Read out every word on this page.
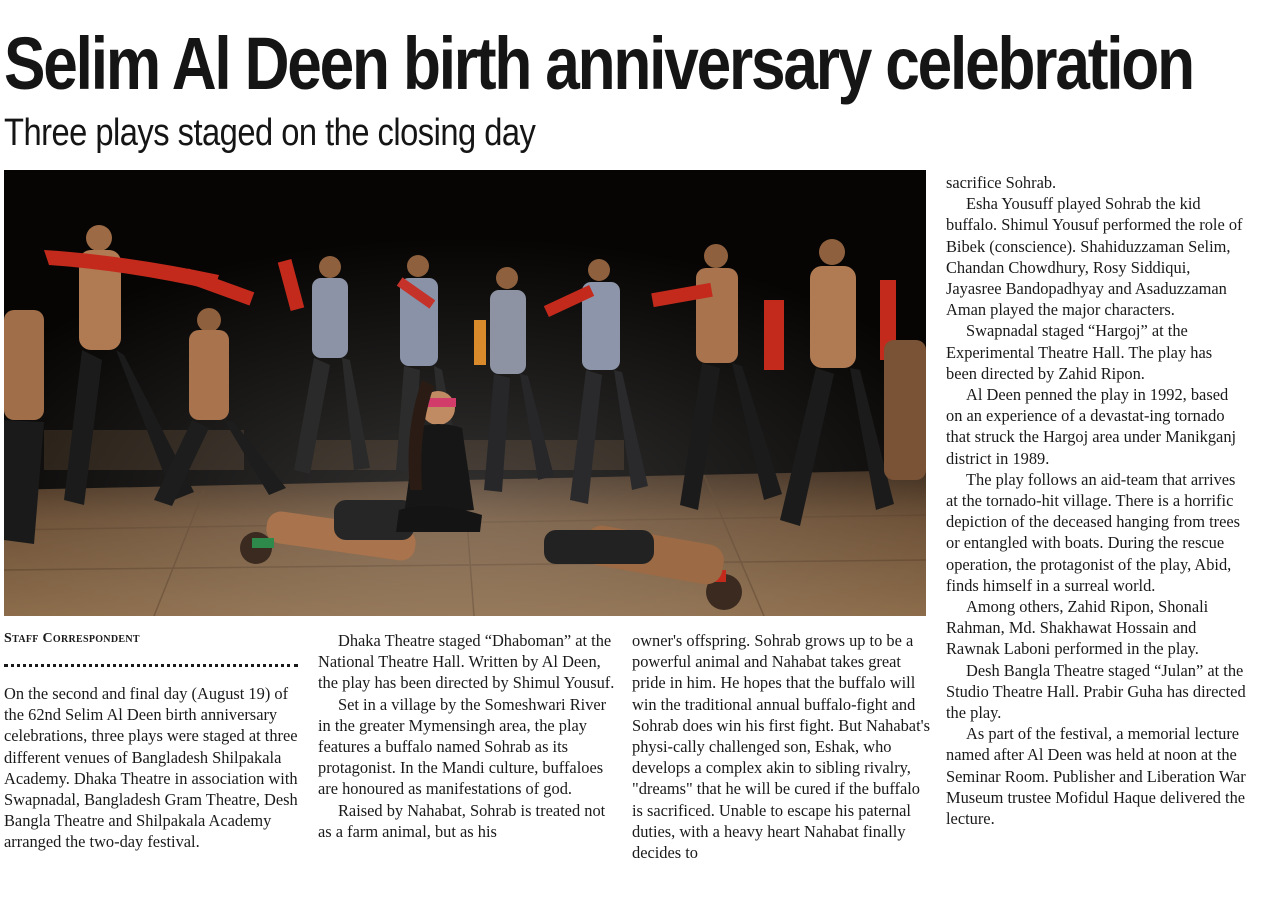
Selim Al Deen birth anniversary celebration
Three plays staged on the closing day
Staff Correspondent

On the second and final day (August 19) of the 62nd Selim Al Deen birth anniversary celebrations, three plays were staged at three different venues of Bangladesh Shilpakala Academy. Dhaka Theatre in association with Swapnadal, Bangladesh Gram Theatre, Desh Bangla Theatre and Shilpakala Academy arranged the two-day festival.

Dhaka Theatre staged “Dhaboman” at the National Theatre Hall. Written by Al Deen, the play has been directed by Shimul Yousuf.

Set in a village by the Someshwari River in the greater Mymensingh area, the play features a buffalo named Sohrab as its protagonist. In the Mandi culture, buffaloes are honoured as manifestations of god.

Raised by Nahabat, Sohrab is treated not as a farm animal, but as his

owner's offspring. Sohrab grows up to be a powerful animal and Nahabat takes great pride in him. He hopes that the buffalo will win the traditional annual buffalo-fight and Sohrab does win his first fight. But Nahabat's physi-cally challenged son, Eshak, who develops a complex akin to sibling rivalry, "dreams" that he will be cured if the buffalo is sacrificed. Unable to escape his paternal duties, with a heavy heart Nahabat finally decides to

sacrifice Sohrab.

Esha Yousuff played Sohrab the kid buffalo. Shimul Yousuf performed the role of Bibek (conscience). Shahiduzzaman Selim, Chandan Chowdhury, Rosy Siddiqui, Jayasree Bandopadhyay and Asaduzzaman Aman played the major characters.

Swapnadal staged “Hargoj” at the Experimental Theatre Hall. The play has been directed by Zahid Ripon.

Al Deen penned the play in 1992, based on an experience of a devastat-ing tornado that struck the Hargoj area under Manikganj district in 1989.

The play follows an aid-team that arrives at the tornado-hit village. There is a horrific depiction of the deceased hanging from trees or entangled with boats. During the rescue operation, the protagonist of the play, Abid, finds himself in a surreal world.

Among others, Zahid Ripon, Shonali Rahman, Md. Shakhawat Hossain and Rawnak Laboni performed in the play.

Desh Bangla Theatre staged “Julan” at the Studio Theatre Hall. Prabir Guha has directed the play.

As part of the festival, a memorial lecture named after Al Deen was held at noon at the Seminar Room. Publisher and Liberation War Museum trustee Mofidul Haque delivered the lecture.
